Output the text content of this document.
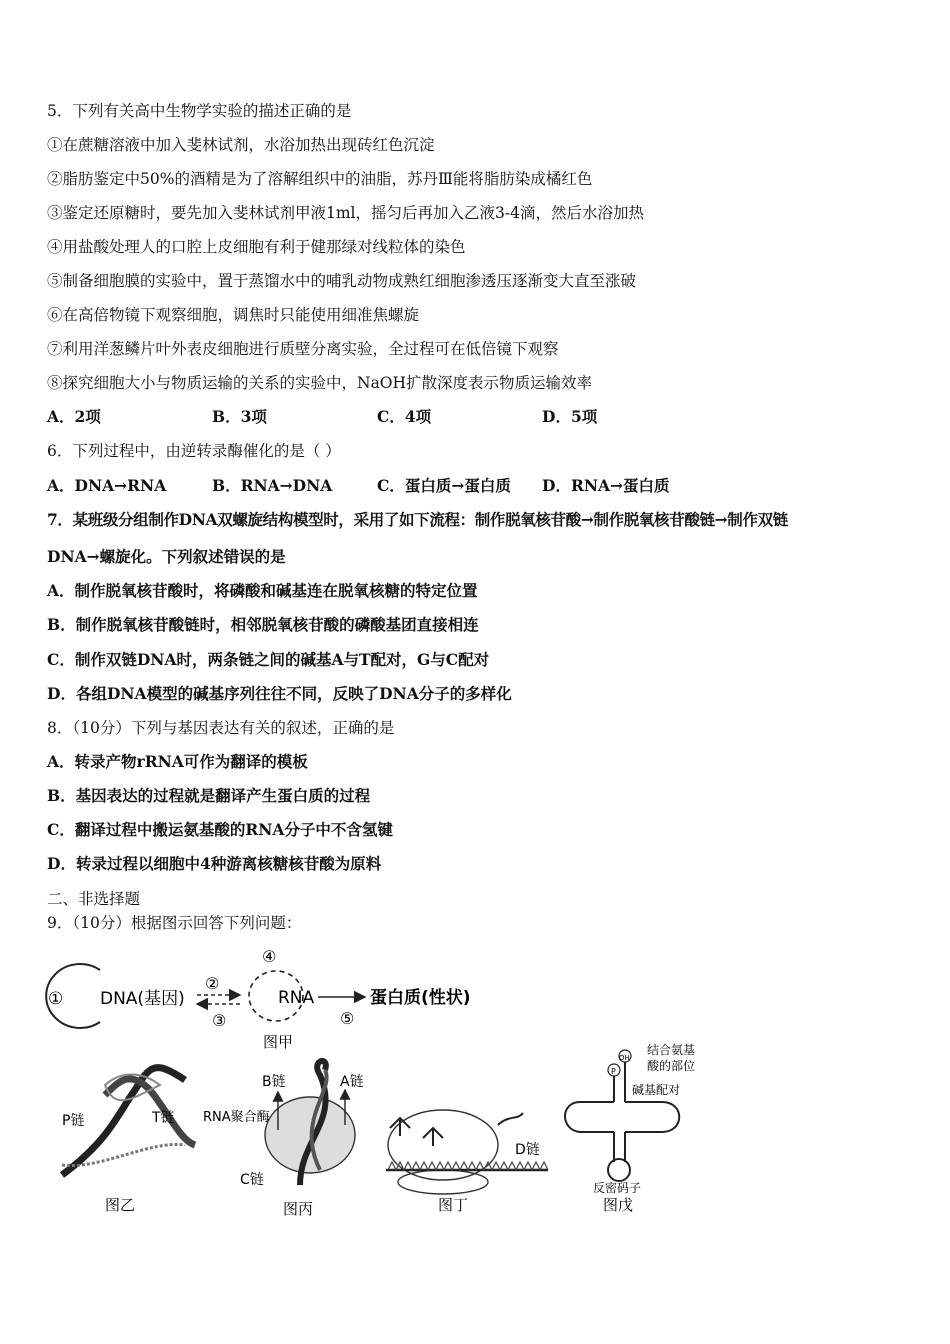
5．下列有关高中生物学实验的描述正确的是
①在蔗糖溶液中加入斐林试剂，水浴加热出现砖红色沉淀
②脂肪鉴定中50%的酒精是为了溶解组织中的油脂，苏丹Ⅲ能将脂肪染成橘红色
③鉴定还原糖时，要先加入斐林试剂甲液1ml，摇匀后再加入乙液3-4滴，然后水浴加热
④用盐酸处理人的口腔上皮细胞有利于健那绿对线粒体的染色
⑤制备细胞膜的实验中，置于蒸馏水中的哺乳动物成熟红细胞渗透压逐渐变大直至涨破
⑥在高倍物镜下观察细胞，调焦时只能使用细准焦螺旋
⑦利用洋葱鳞片叶外表皮细胞进行质壁分离实验，全过程可在低倍镜下观察
⑧探究细胞大小与物质运输的关系的实验中，NaOH扩散深度表示物质运输效率
A．2项	B．3项	C．4项	D．5项
6．下列过程中，由逆转录酶催化的是（ ）
A．DNA→RNA	B．RNA→DNA	C．蛋白质→蛋白质 D．RNA→蛋白质
7．某班级分组制作DNA双螺旋结构模型时，采用了如下流程：制作脱氧核苷酸→制作脱氧核苷酸链→制作双链
DNA→螺旋化。下列叙述错误的是
A．制作脱氧核苷酸时，将磷酸和碱基连在脱氧核糖的特定位置
B．制作脱氧核苷酸链时，相邻脱氧核苷酸的磷酸基团直接相连
C．制作双链DNA时，两条链之间的碱基A与T配对，G与C配对
D．各组DNA模型的碱基序列往往不同，反映了DNA分子的多样化
8．（10分）下列与基因表达有关的叙述，正确的是
A．转录产物rRNA可作为翻译的模板
B．基因表达的过程就是翻译产生蛋白质的过程
C．翻译过程中搬运氨基酸的RNA分子中不含氢键
D．转录过程以细胞中4种游离核糖核苷酸为原料
二、非选择题
9．（10分）根据图示回答下列问题：
① DNA(基因)
②
③
④
RNA
⑤
蛋白质(性状)
图甲
P链	T链
图乙
B链	A链
RNA聚合酶
C链
图丙
D链
图丁
OH
P
结合氨基
酸的部位
碱基配对
反密码子
图戊
